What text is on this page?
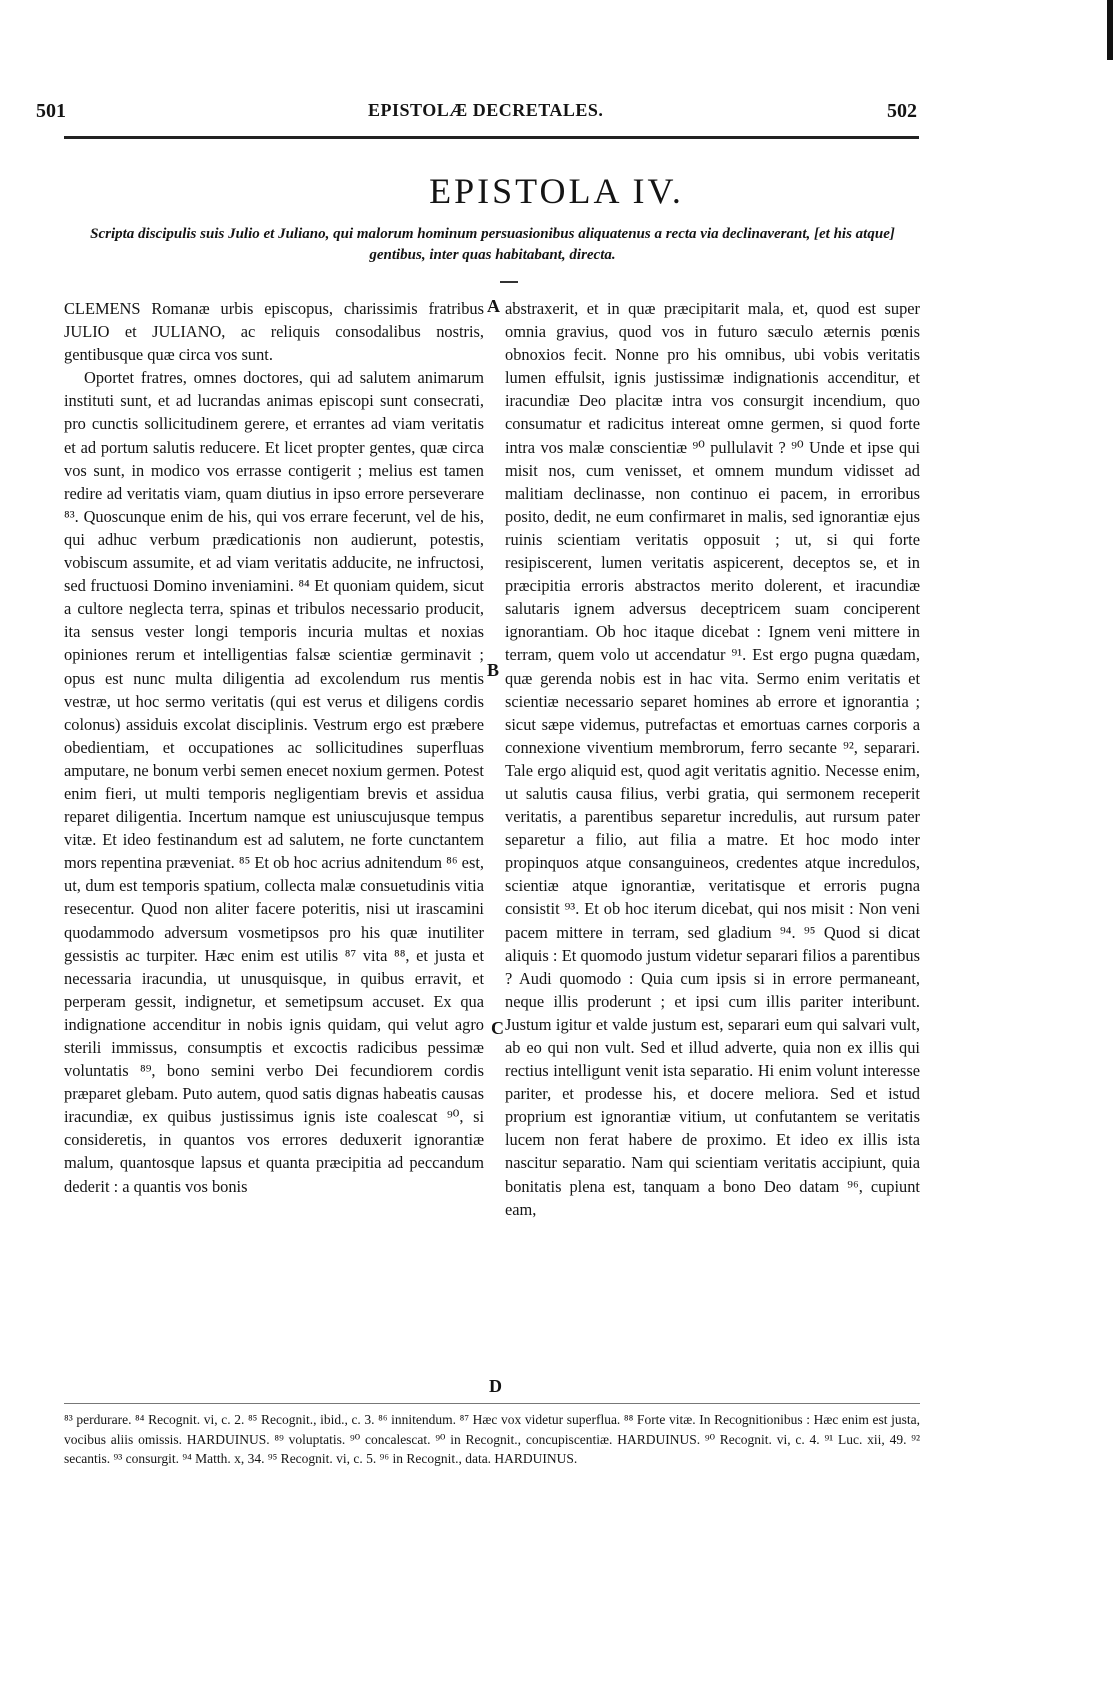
501	EPISTOLÆ DECRETALES.	502
EPISTOLA IV.
Scripta discipulis suis Julio et Juliano, qui malorum hominum persuasionibus aliquatenus a recta via declinaverant, [et his atque] gentibus, inter quas habitabant, directa.

CLEMENS Romanæ urbis episcopus, charissimis fratribus JULIO et JULIANO, ac reliquis consodalibus nostris, gentibusque quæ circa vos sunt.

Oportet fratres, omnes doctores, qui ad salutem animarum instituti sunt, et ad lucrandas animas episcopi sunt consecrati, pro cunctis sollicitudinem gerere, et errantes ad viam veritatis et ad portum salutis reducere. Et licet propter gentes, quæ circa vos sunt, in modico vos errasse contigerit ; melius est tamen redire ad veritatis viam, quam diutius in ipso errore perseverare ⁸³. Quoscunque enim de his, qui vos errare fecerunt, vel de his, qui adhuc verbum prædicationis non audierunt, potestis, vobiscum assumite, et ad viam veritatis adducite, ne infructosi, sed fructuosi Domino inveniamini. ⁸⁴ Et quoniam quidem, sicut a cultore neglecta terra, spinas et tribulos necessario producit, ita sensus vester longi temporis incuria multas et noxias opiniones rerum et intelligentias falsæ scientiæ germinavit ; opus est nunc multa diligentia ad excolendum rus mentis vestræ, ut hoc sermo veritatis (qui est verus et diligens cordis colonus) assiduis excolat disciplinis. Vestrum ergo est præbere obedientiam, et occupationes ac sollicitudines superfluas amputare, ne bonum verbi semen enecet noxium germen. Potest enim fieri, ut multi temporis negligentiam brevis et assidua reparet diligentia. Incertum namque est uniuscujusque tempus vitæ. Et ideo festinandum est ad salutem, ne forte cunctantem mors repentina præveniat. ⁸⁵ Et ob hoc acrius adnitendum ⁸⁶ est, ut, dum est temporis spatium, collecta malæ consuetudinis vitia resecentur. Quod non aliter facere poteritis, nisi ut irascamini quodammodo adversum vosmetipsos pro his quæ inutiliter gessistis ac turpiter. Hæc enim est utilis ⁸⁷ vita ⁸⁸, et justa et necessaria iracundia, ut unusquisque, in quibus erravit, et perperam gessit, indignetur, et semetipsum accuset. Ex qua indignatione accenditur in nobis ignis quidam, qui velut agro sterili immissus, consumptis et excoctis radicibus pessimæ voluntatis ⁸⁹, bono semini verbo Dei fecundiorem cordis præparet glebam. Puto autem, quod satis dignas habeatis causas iracundiæ, ex quibus justissimus ignis iste coalescat ⁹⁰, si consideretis, in quantos vos errores deduxerit ignorantiæ malum, quantosque lapsus et quanta præcipitia ad peccandum dederit : a quantis vos bonis

abstraxerit, et in quæ præcipitarit mala, et, quod est super omnia gravius, quod vos in futuro sæculo æternis pœnis obnoxios fecit. Nonne pro his omnibus, ubi vobis veritatis lumen effulsit, ignis justissimæ indignationis accenditur, et iracundiæ Deo placitæ intra vos consurgit incendium, quo consumatur et radicitus intereat omne germen, si quod forte intra vos malæ conscientiæ ⁹⁰ pullulavit ? ⁹⁰ Unde et ipse qui misit nos, cum venisset, et omnem mundum vidisset ad malitiam declinasse, non continuo ei pacem, in erroribus posito, dedit, ne eum confirmaret in malis, sed ignorantiæ ejus ruinis scientiam veritatis opposuit ; ut, si qui forte resipiscerent, lumen veritatis aspicerent, deceptos se, et in præcipitia erroris abstractos merito dolerent, et iracundiæ salutaris ignem adversus deceptricem suam conciperent ignorantiam. Ob hoc itaque dicebat : Ignem veni mittere in terram, quem volo ut accendatur ⁹¹. Est ergo pugna quædam, quæ gerenda nobis est in hac vita. Sermo enim veritatis et scientiæ necessario separet homines ab errore et ignorantia ; sicut sæpe videmus, putrefactas et emortuas carnes corporis a connexione viventium membrorum, ferro secante ⁹², separari. Tale ergo aliquid est, quod agit veritatis agnitio. Necesse enim, ut salutis causa filius, verbi gratia, qui sermonem receperit veritatis, a parentibus separetur incredulis, aut rursum pater separetur a filio, aut filia a matre. Et hoc modo inter propinquos atque consanguineos, credentes atque incredulos, scientiæ atque ignorantiæ, veritatisque et erroris pugna consistit ⁹³. Et ob hoc iterum dicebat, qui nos misit : Non veni pacem mittere in terram, sed gladium ⁹⁴. ⁹⁵ Quod si dicat aliquis : Et quomodo justum videtur separari filios a parentibus ? Audi quomodo : Quia cum ipsis si in errore permaneant, neque illis proderunt ; et ipsi cum illis pariter interibunt. Justum igitur et valde justum est, separari eum qui salvari vult, ab eo qui non vult. Sed et illud adverte, quia non ex illis qui rectius intelligunt venit ista separatio. Hi enim volunt interesse pariter, et prodesse his, et docere meliora. Sed et istud proprium est ignorantiæ vitium, ut confutantem se veritatis lucem non ferat habere de proximo. Et ideo ex illis ista nascitur separatio. Nam qui scientiam veritatis accipiunt, quia bonitatis plena est, tanquam a bono Deo datam ⁹⁶, cupiunt eam,

A
B
C
D
⁸³ perdurare. ⁸⁴ Recognit. vi, c. 2. ⁸⁵ Recognit., ibid., c. 3. ⁸⁶ innitendum. ⁸⁷ Hæc vox videtur superflua. ⁸⁸ Forte vitæ. In Recognitionibus : Hæc enim est justa, vocibus aliis omissis. HARDUINUS. ⁸⁹ voluptatis. ⁹⁰ concalescat. ⁹⁰ in Recognit., concupiscentiæ. HARDUINUS. ⁹⁰ Recognit. vi, c. 4. ⁹¹ Luc. xii, 49. ⁹² secantis. ⁹³ consurgit. ⁹⁴ Matth. x, 34. ⁹⁵ Recognit. vi, c. 5. ⁹⁶ in Recognit., data. HARDUINUS.
